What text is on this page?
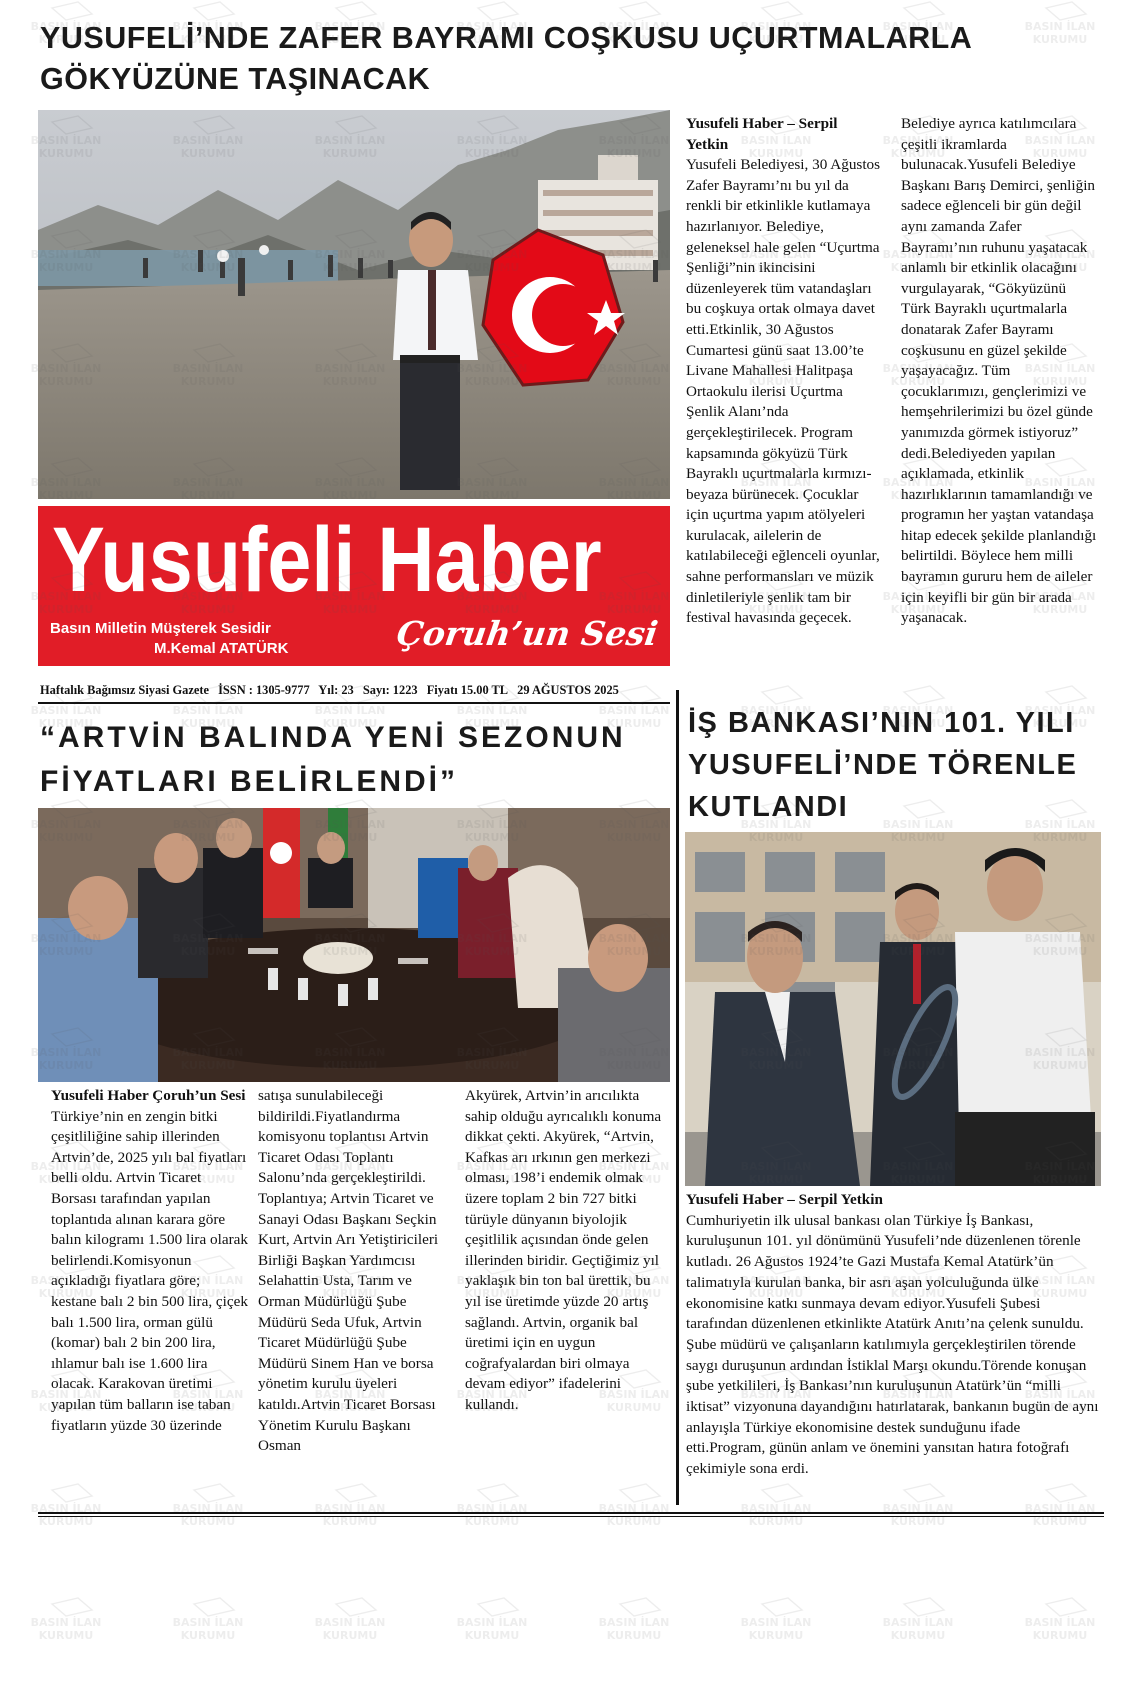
YUSUFELİ’NDE ZAFER BAYRAMI COŞKUSU UÇURTMALARLA
GÖKYÜZÜNE TAŞINACAK
Yusufeli Haber – Serpil Yetkin
Yusufeli Belediyesi, 30 Ağustos Zafer Bayramı’nı bu yıl da renkli bir etkinlikle kutlamaya hazırlanıyor. Belediye, geleneksel hale gelen “Uçurtma Şenliği”nin ikincisini düzenleyerek tüm vatandaşları bu coşkuya ortak olmaya davet etti.Etkinlik, 30 Ağustos Cumartesi günü saat 13.00’te Livane Mahallesi Halitpaşa Ortaokulu ilerisi Uçurtma Şenlik Alanı’nda gerçekleştirilecek. Program kapsamında gökyüzü Türk Bayraklı uçurtmalarla kırmızı-beyaza bürünecek. Çocuklar için uçurtma yapım atölyeleri kurulacak, ailelerin de katılabileceği eğlenceli oyunlar, sahne performansları ve müzik dinletileriyle şenlik tam bir festival havasında geçecek.
Belediye ayrıca katılımcılara çeşitli ikramlarda bulunacak.Yusufeli Belediye Başkanı Barış Demirci, şenliğin sadece eğlenceli bir gün değil aynı zamanda Zafer Bayramı’nın ruhunu yaşatacak anlamlı bir etkinlik olacağını vurgulayarak, “Gökyüzünü Türk Bayraklı uçurtmalarla donatarak Zafer Bayramı coşkusunu en güzel şekilde yaşayacağız. Tüm çocuklarımızı, gençlerimizi ve hemşehrilerimizi bu özel günde yanımızda görmek istiyoruz” dedi.Belediyeden yapılan açıklamada, etkinlik hazırlıklarının tamamlandığı ve programın her yaştan vatandaşa hitap edecek şekilde planlandığı belirtildi. Böylece hem milli bayramın gururu hem de aileler için keyifli bir gün bir arada yaşanacak.
Yusufeli Haber
Basın Milletin Müşterek Sesidir
M.Kemal ATATÜRK	Çoruh’un Sesi
Haftalık Bağımsız Siyasi Gazete İSSN : 1305-9777 Yıl: 23 Sayı: 1223 Fiyatı 15.00 TL 29 AĞUSTOS 2025
“ARTVİN BALINDA YENİ SEZONUN
FİYATLARI BELİRLENDİ”
Yusufeli Haber Çoruh’un Sesi
Türkiye’nin en zengin bitki çeşitliliğine sahip illerinden Artvin’de, 2025 yılı bal fiyatları belli oldu. Artvin Ticaret Borsası tarafından yapılan toplantıda alınan karara göre balın kilogramı 1.500 lira olarak belirlendi.Komisyonun açıkladığı fiyatlara göre; kestane balı 2 bin 500 lira, çiçek balı 1.500 lira, orman gülü (komar) balı 2 bin 200 lira, ıhlamur balı ise 1.600 lira olacak. Karakovan üretimi yapılan tüm balların ise taban fiyatların yüzde 30 üzerinde
satışa sunulabileceği bildirildi.Fiyatlandırma komisyonu toplantısı Artvin Ticaret Odası Toplantı Salonu’nda gerçekleştirildi. Toplantıya; Artvin Ticaret ve Sanayi Odası Başkanı Seçkin Kurt, Artvin Arı Yetiştiricileri Birliği Başkan Yardımcısı Selahattin Usta, Tarım ve Orman Müdürlüğü Şube Müdürü Seda Ufuk, Artvin Ticaret Müdürlüğü Şube Müdürü Sinem Han ve borsa yönetim kurulu üyeleri katıldı.Artvin Ticaret Borsası Yönetim Kurulu Başkanı Osman
Akyürek, Artvin’in arıcılıkta sahip olduğu ayrıcalıklı konuma dikkat çekti. Akyürek, “Artvin, Kafkas arı ırkının gen merkezi olması, 198’i endemik olmak üzere toplam 2 bin 727 bitki türüyle dünyanın biyolojik çeşitlilik açısından önde gelen illerinden biridir. Geçtiğimiz yıl yaklaşık bin ton bal ürettik, bu yıl ise üretimde yüzde 20 artış sağlandı. Artvin, organik bal üretimi için en uygun coğrafyalardan biri olmaya devam ediyor” ifadelerini kullandı.
İŞ BANKASI’NIN 101. YILI
YUSUFELİ’NDE TÖRENLE
KUTLANDI
Yusufeli Haber – Serpil Yetkin
Cumhuriyetin ilk ulusal bankası olan Türkiye İş Bankası, kuruluşunun 101. yıl dönümünü Yusufeli’nde düzenlenen törenle kutladı. 26 Ağustos 1924’te Gazi Mustafa Kemal Atatürk’ün talimatıyla kurulan banka, bir asrı aşan yolculuğunda ülke ekonomisine katkı sunmaya devam ediyor.Yusufeli Şubesi tarafından düzenlenen etkinlikte Atatürk Anıtı’na çelenk sunuldu. Şube müdürü ve çalışanların katılımıyla gerçekleştirilen törende saygı duruşunun ardından İstiklal Marşı okundu.Törende konuşan şube yetkilileri, İş Bankası’nın kuruluşunun Atatürk’ün “milli iktisat” vizyonuna dayandığını hatırlatarak, bankanın bugün de aynı anlayışla Türkiye ekonomisine destek sunduğunu ifade etti.Program, günün anlam ve önemini yansıtan hatıra fotoğrafı çekimiyle sona erdi.
